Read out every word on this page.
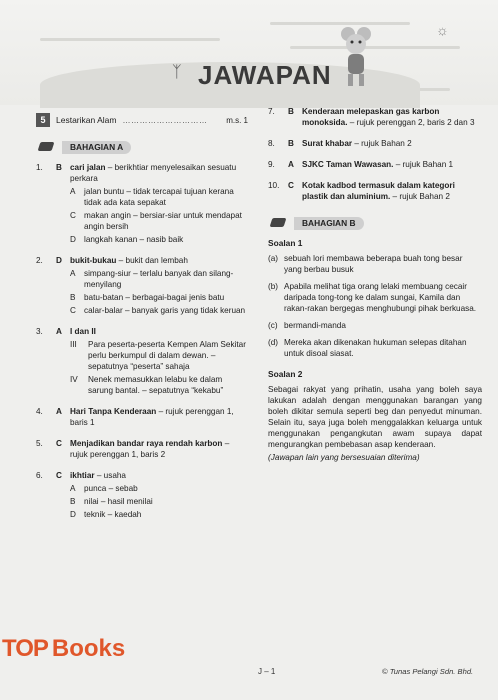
ᛉ JAWAPAN
☼
5	Lestarikan Alam …………………………	m.s. 1
BAHAGIAN A
1.	B cari jalan – berikhtiar menyelesaikan sesuatu perkara
A	jalan buntu – tidak tercapai tujuan kerana tidak ada kata sepakat
C makan angin – bersiar-siar untuk mendapat angin bersih
D langkah kanan – nasib baik
2.	D bukit-bukau – bukit dan lembah
A	simpang-siur – terlalu banyak dan silang-menyilang
B	batu-batan – berbagai-bagai jenis batu
C calar-balar – banyak garis yang tidak keruan
3.	A I dan II
III	Para peserta-peserta Kempen Alam Sekitar perlu berkumpul di dalam dewan. – sepatutnya “peserta” sahaja
IV	Nenek memasukkan lelabu ke dalam sarung bantal. – sepatutnya “kekabu”
4.	A Hari Tanpa Kenderaan – rujuk perenggan 1, baris 1
5.	C Menjadikan bandar raya rendah karbon – rujuk perenggan 1, baris 2
6.	C ikhtiar – usaha
A	punca – sebab
B	nilai – hasil menilai
D teknik – kaedah
7.	B Kenderaan melepaskan gas karbon monoksida. – rujuk perenggan 2, baris 2 dan 3
8.	B Surat khabar – rujuk Bahan 2
9.	A SJKC Taman Wawasan. – rujuk Bahan 1
10.	C Kotak kadbod termasuk dalam kategori plastik dan aluminium. – rujuk Bahan 2
BAHAGIAN B
Soalan 1
(a) sebuah lori membawa beberapa buah tong besar yang berbau busuk
(b) Apabila melihat tiga orang lelaki membuang cecair daripada tong-tong ke dalam sungai, Kamila dan rakan-rakan bergegas menghubungi pihak berkuasa.
(c) bermandi-manda
(d) Mereka akan dikenakan hukuman selepas ditahan untuk disoal siasat.
Soalan 2
Sebagai rakyat yang prihatin, usaha yang boleh saya lakukan adalah dengan menggunakan barangan yang boleh dikitar semula seperti beg dan penyedut minuman. Selain itu, saya juga boleh menggalakkan keluarga untuk menggunakan pengangkutan awam supaya dapat mengurangkan pembebasan asap kenderaan.
(Jawapan lain yang bersesuaian diterima)
TOP Books
J – 1	© Tunas Pelangi Sdn. Bhd.
